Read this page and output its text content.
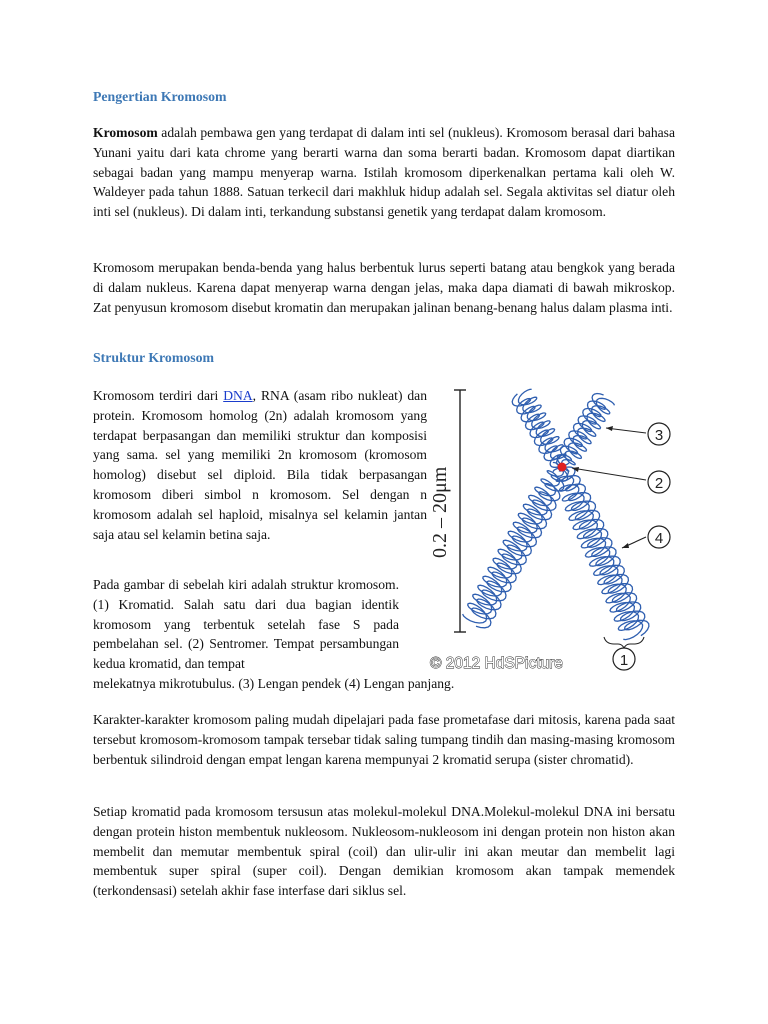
Pengertian Kromosom

Kromosom adalah pembawa gen yang terdapat di dalam inti sel (nukleus). Kromosom berasal dari bahasa Yunani yaitu dari kata chrome yang berarti warna dan soma berarti badan. Kromosom dapat diartikan sebagai badan yang mampu menyerap warna. Istilah kromosom diperkenalkan pertama kali oleh W. Waldeyer pada tahun 1888. Satuan terkecil dari makhluk hidup adalah sel. Segala aktivitas sel diatur oleh inti sel (nukleus). Di dalam inti, terkandung substansi genetik yang terdapat dalam kromosom.

Kromosom merupakan benda-benda yang halus berbentuk lurus seperti batang atau bengkok yang berada di dalam nukleus. Karena dapat menyerap warna dengan jelas, maka dapa diamati di bawah mikroskop. Zat penyusun kromosom disebut kromatin dan merupakan jalinan benang-benang halus dalam plasma inti.

Struktur Kromosom

Kromosom terdiri dari DNA, RNA (asam ribo nukleat) dan protein. Kromosom homolog (2n) adalah kromosom yang terdapat berpasangan dan memiliki struktur dan komposisi yang sama. sel yang memiliki 2n kromosom (kromosom homolog) disebut sel diploid. Bila tidak berpasangan kromosom diberi simbol n kromosom. Sel dengan n kromosom adalah sel haploid, misalnya sel kelamin jantan saja atau sel kelamin betina saja.

Pada gambar di sebelah kiri adalah struktur kromosom. (1) Kromatid. Salah satu dari dua bagian identik kromosom yang terbentuk setelah fase S pada pembelahan sel. (2) Sentromer. Tempat persambungan kedua kromatid, dan tempat

melekatnya mikrotubulus. (3) Lengan pendek (4) Lengan panjang.

Karakter-karakter kromosom paling mudah dipelajari pada fase prometafase dari mitosis, karena pada saat tersebut kromosom-kromosom tampak tersebar tidak saling tumpang tindih dan masing-masing kromosom berbentuk silindroid dengan empat lengan karena mempunyai 2 kromatid serupa (sister chromatid).

Setiap kromatid pada kromosom tersusun atas molekul-molekul DNA.Molekul-molekul DNA ini bersatu dengan protein histon membentuk nukleosom. Nukleosom-nukleosom ini dengan protein non histon akan membelit dan memutar membentuk spiral (coil) dan ulir-ulir ini akan meutar dan membelit lagi membentuk super spiral (super coil). Dengan demikian kromosom akan tampak memendek (terkondensasi) setelah akhir fase interfase dari siklus sel.

0.2 – 20μm
3
2
4
1
© 2012 HdSPicture
